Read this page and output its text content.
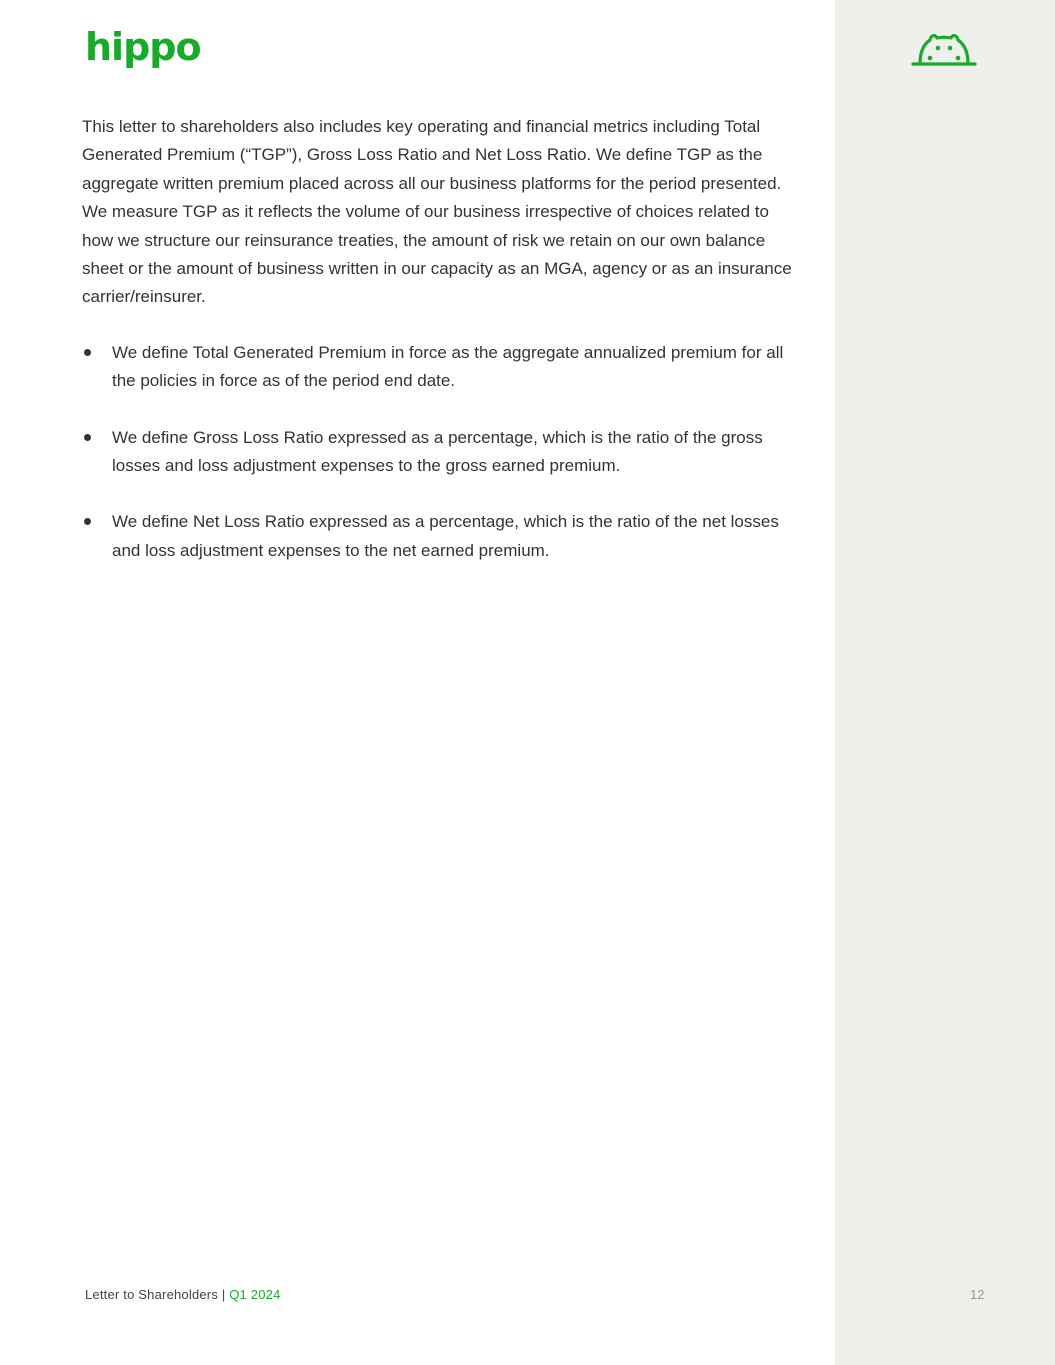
hippo

This letter to shareholders also includes key operating and financial metrics including Total Generated Premium (“TGP”), Gross Loss Ratio and Net Loss Ratio. We define TGP as the aggregate written premium placed across all our business platforms for the period presented. We measure TGP as it reflects the volume of our business irrespective of choices related to how we structure our reinsurance treaties, the amount of risk we retain on our own balance sheet or the amount of business written in our capacity as an MGA, agency or as an insurance carrier/reinsurer.

We define Total Generated Premium in force as the aggregate annualized premium for all the policies in force as of the period end date.
We define Gross Loss Ratio expressed as a percentage, which is the ratio of the gross losses and loss adjustment expenses to the gross earned premium.
We define Net Loss Ratio expressed as a percentage, which is the ratio of the net losses and loss adjustment expenses to the net earned premium.
Letter to Shareholders | Q1 2024	12
